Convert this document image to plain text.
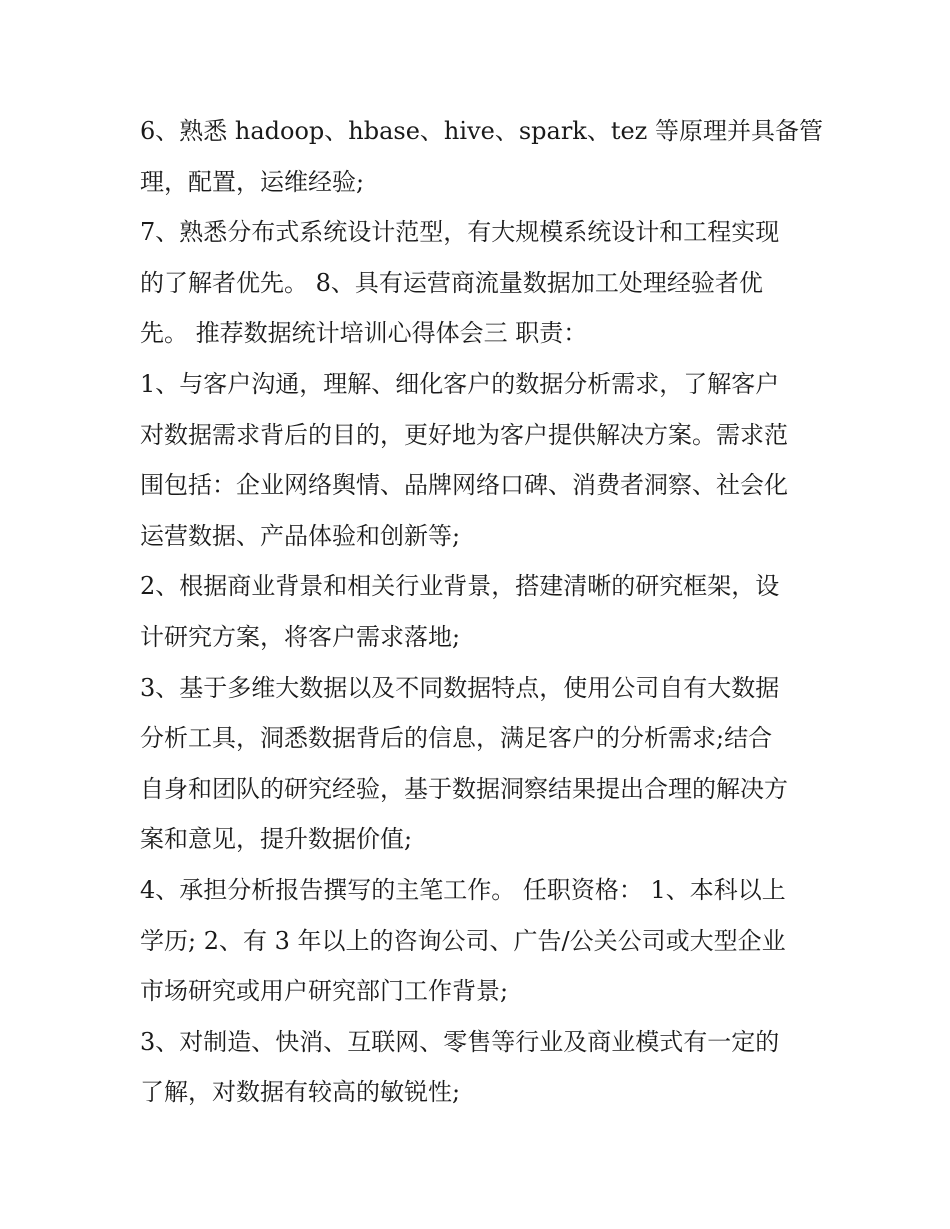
6、熟悉 hadoop、hbase、hive、spark、tez 等原理并具备管
理，配置，运维经验;
7、熟悉分布式系统设计范型，有大规模系统设计和工程实现
的了解者优先。 8、具有运营商流量数据加工处理经验者优
先。 推荐数据统计培训心得体会三 职责：
1、与客户沟通，理解、细化客户的数据分析需求，了解客户
对数据需求背后的目的，更好地为客户提供解决方案。需求范
围包括：企业网络舆情、品牌网络口碑、消费者洞察、社会化
运营数据、产品体验和创新等;
2、根据商业背景和相关行业背景，搭建清晰的研究框架，设
计研究方案，将客户需求落地;
3、基于多维大数据以及不同数据特点，使用公司自有大数据
分析工具，洞悉数据背后的信息，满足客户的分析需求;结合
自身和团队的研究经验，基于数据洞察结果提出合理的解决方
案和意见，提升数据价值;
4、承担分析报告撰写的主笔工作。 任职资格： 1、本科以上
学历; 2、有 3 年以上的咨询公司、广告/公关公司或大型企业
市场研究或用户研究部门工作背景;
3、对制造、快消、互联网、零售等行业及商业模式有一定的
了解，对数据有较高的敏锐性;
